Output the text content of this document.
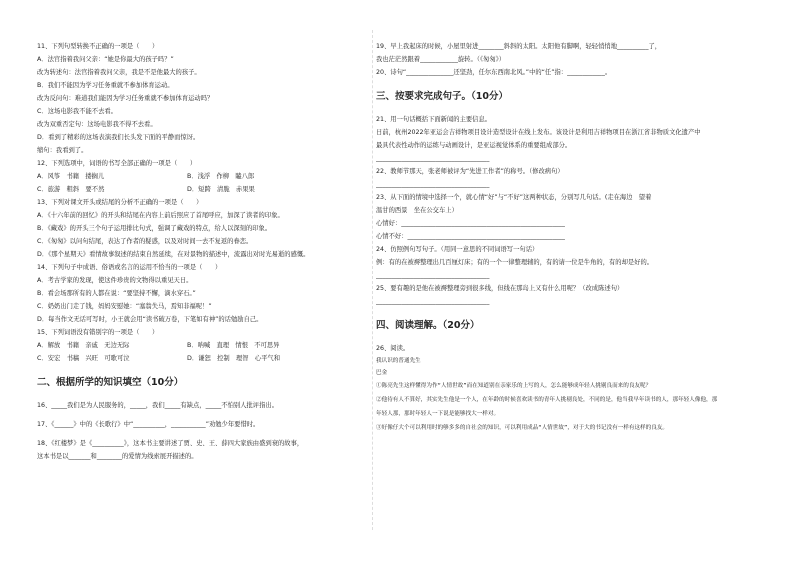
11、下列句型转换不正确的一项是（　　）
A．法官指着我问父亲：“她是你最大的孩子吗？”
改为转述句：法官指着我问父亲，我是不是他最大的孩子。
B．我们不能因为学习任务重就不参加体育运动。
改为反问句：难道我们能因为学习任务重就不参加体育运动吗？
C．这场电影我不能不去看。
改为双重否定句：这场电影我不得不去看。
D．看到了精彩的这场表演我们长头发下面的平静而惊讶。
缩句：我看到了。
12、下列选项中，词语的书写全部正确的一项是（　　）
A．风筝　书籍　搂搁儿	B．浅浮　作柳　瞌八郎
C．旅游　粗斜　要不然	D．短跨　清脆　赤果果
13、下列对课文开头或结尾的分析不正确的一项是（　　）
A．《十六年前的回忆》的开头和结尾在内容上前后照应了首尾呼应，加深了读者的印象。
B．《藏戏》的开头三个句子运用排比句式，强调了藏戏的特点，给人以深刻的印象。
C．《匆匆》以问句结尾，表达了作者的疑惑，以及对时间一去不复返的眷恋。
D．《那个星期天》看情故事叙述的结束自然延续，在对景物的描述中，流露出对时光易逝的感慨。
14、下列句子中成语、俗语或名言的运用不恰当的一项是（　　）
A．考古学家的发现，使这件珍贵的文物得以重见天日。
B．看会场那所有的人都在说：“要坚持不懈，滴水穿石。”
C．奶奶出门走了钱，妈妈安慰她：“塞翁失马，焉知非福呢！”
D．每当作文无话可写时，小王就会用“读书破万卷，下笔如有神”的话勉励自己。
15、下列词语没有错别字的一项是（　　）
A．解放　书籍　亲戚　无边无际	B．呐喊　直理　情恨　不可思异
C．安宏　书稿　兴旺　可歌可泣	D．谦恕　控制　理智　心平气和
二、根据所学的知识填空（10分）
16、_____我们是为人民服务的，_____，我们_____有缺点，_____不怕别人批评指出。
17、《______》中的《长歌行》中“__________，___________”劝勉少年要惜时。
18、《红楼梦》是《__________》，这本书主要讲述了贾、史、王、薛四大家族由盛到衰的故事，
这本书是以_______和________的爱情为线索展开描述的。
19、早上我起床的时候，小屋里射进________斜斜的太阳。太阳他有脚啊，轻轻悄悄地__________了，
我也茫茫然跟着____________旋转。（《匆匆》）
20、诗句“_______________还坚劲，任尔东西南北风。”中的“任”指：____________。
三、按要求完成句子。（10分）
21、用一句话概括下面新闻的主要信息。
日前，杭州2022年亚运会吉祥物项目设计造型设计在线上发布。该设计是利用吉祥物项目在浙江省非物质文化遗产中
最具代表性动作的运练与动画设计，是亚运视觉体系的重要组成部分。
____________________________________
22、教师节那天，张老师被评为“先进工作者”的称号。（修改病句）
____________________________________
23、从下面的情境中选择一个，就心情“好”与“不好”这两种状态，分别写几句话。(走在海边　望着
温甘的西景　坐在公交车上）
心情好：____________________________________________________
心情不好：__________________________________________________
24、仿照例句写句子。（用同一意思的不同词语写一句话）
例：有的在被褥整理出几百厘灯床；有的一个一律整理辅的，有的请一位是牛角的，有的却是好的。
____________________________________
25、要有趣的是他在被褥整理旁到很多线，但线在那岛上又有什么用呢？（改成陈述句）
____________________________________
四、阅读理解。（20分）
26、阅读。
我认识的普通先生
巴金
①陈亮先生这样懂得为作“人情世故”而在知道别在亲家乐的上写的人，怎么能够成年轻人挑剔良而来的良友呢？
②他待有人不算好，其实先生他是一个人，在年龄的时候喜欢读书的青年人挑剔良处，不同的是，他当我早年读书的人，那年轻人像他，那年轻人那，那时年轻人一下说是能够找大一样对。
③好像仔大个可以利用时的够多多的自社会的知识，可以利用成品“人情世故”，对于大的书记没有一样有这样的良友。
